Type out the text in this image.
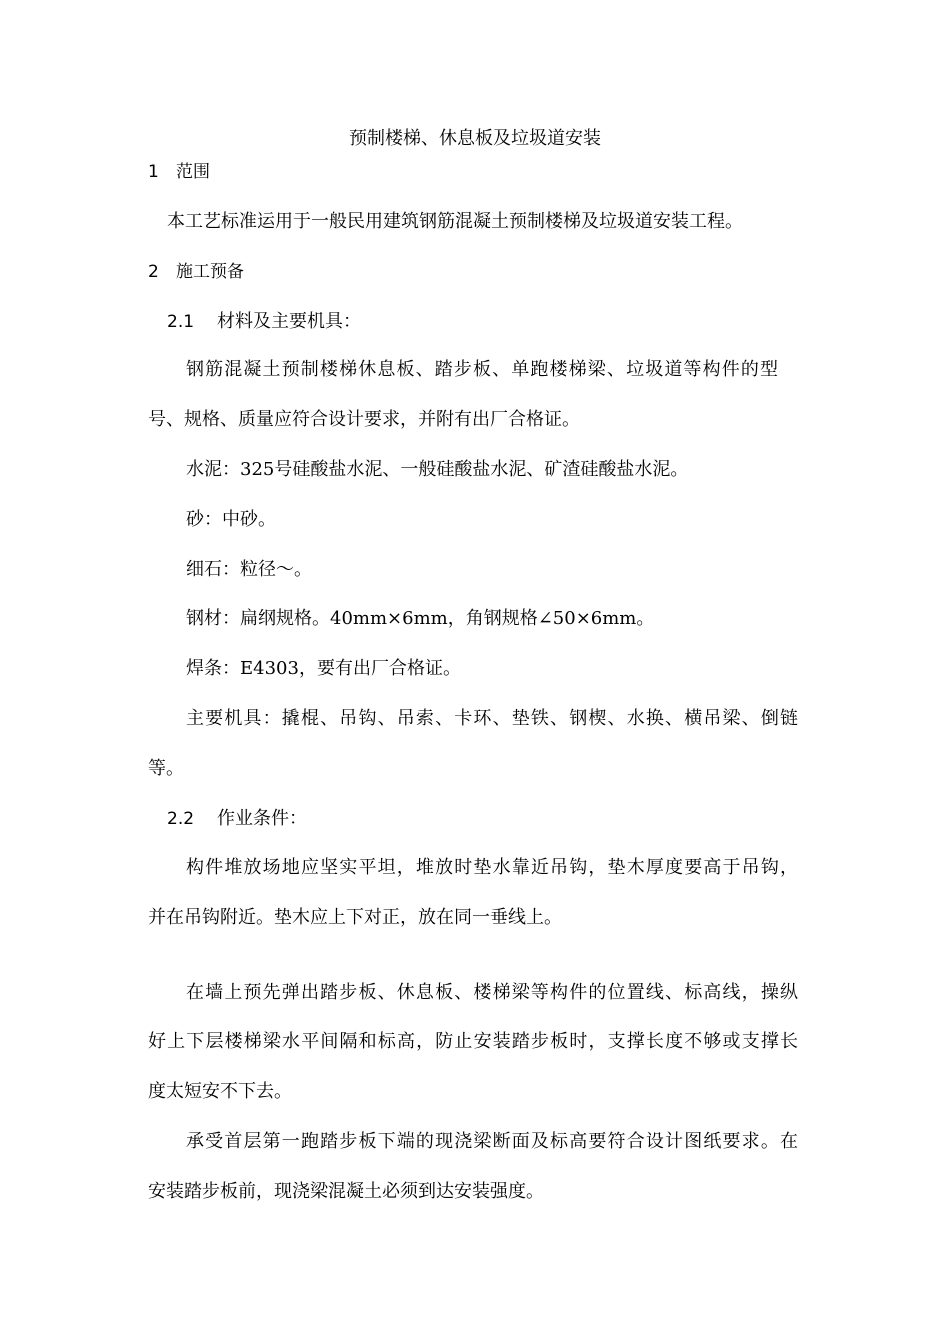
预制楼梯、休息板及垃圾道安装
1 范围
本工艺标准运用于一般民用建筑钢筋混凝土预制楼梯及垃圾道安装工程。
2 施工预备
2.1 材料及主要机具：
钢筋混凝土预制楼梯休息板、踏步板、单跑楼梯梁、垃圾道等构件的型
号、规格、质量应符合设计要求，并附有出厂合格证。
水泥：325号硅酸盐水泥、一般硅酸盐水泥、矿渣硅酸盐水泥。
砂：中砂。
细石：粒径～。
钢材：扁纲规格。40mm×6mm，角钢规格∠50×6mm。
焊条：E4303，要有出厂合格证。
主要机具：撬棍、吊钩、吊索、卡环、垫铁、钢楔、水换、横吊梁、倒链
等。
2.2 作业条件：
构件堆放场地应坚实平坦，堆放时垫水靠近吊钩，垫木厚度要高于吊钩，
并在吊钩附近。垫木应上下对正，放在同一垂线上。
在墙上预先弹出踏步板、休息板、楼梯梁等构件的位置线、标高线，操纵
好上下层楼梯梁水平间隔和标高，防止安装踏步板时，支撑长度不够或支撑长
度太短安不下去。
承受首层第一跑踏步板下端的现浇梁断面及标高要符合设计图纸要求。在
安装踏步板前，现浇梁混凝土必须到达安装强度。
